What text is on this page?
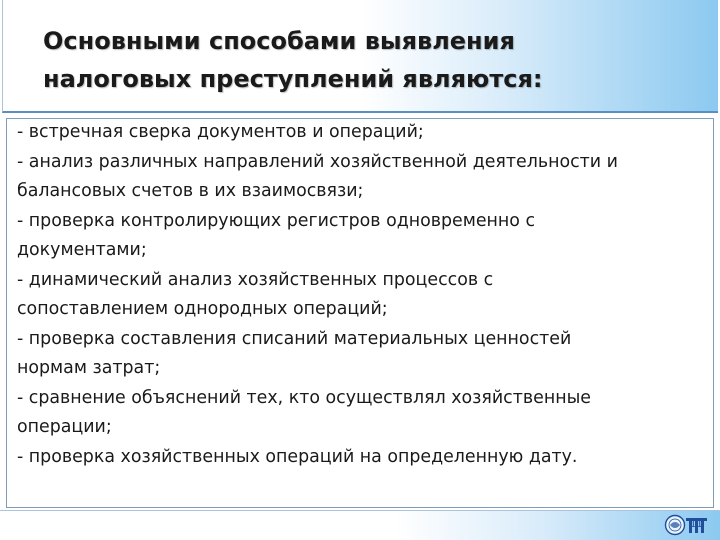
Основными способами выявления
налоговых преступлений являются:
- встречная сверка документов и операций;
- анализ различных направлений хозяйственной деятельности и
балансовых счетов в их взаимосвязи;
- проверка контролирующих регистров одновременно с
документами;
- динамический анализ хозяйственных процессов с
сопоставлением однородных операций;
- проверка составления списаний материальных ценностей
нормам затрат;
- сравнение объяснений тех, кто осуществлял хозяйственные
операции;
- проверка хозяйственных операций на определенную дату.
11
